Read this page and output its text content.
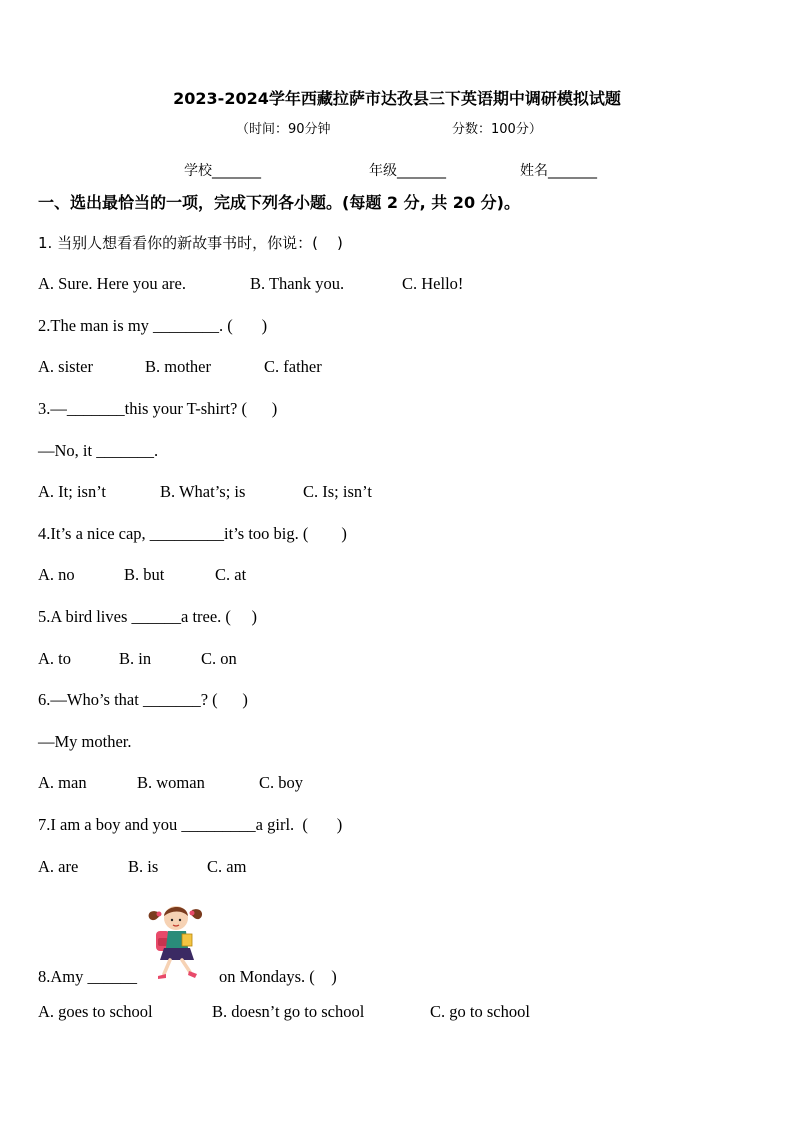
2023-2024学年西藏拉萨市达孜县三下英语期中调研模拟试题
（时间：90分钟	分数：100分）
学校_______	年级_______	姓名_______
一、选出最恰当的一项，完成下列各小题。(每题 2 分, 共 20 分)。
1. 当别人想看看你的新故事书时，你说：(    )
A. Sure. Here you are.	B. Thank you.	C. Hello!
2.The man is my ________. (       )
A. sister	B. mother	C. father
3.—_______this your T-shirt? (      )
—No, it _______.
A. It; isn’t	B. What’s; is	C. Is; isn’t
4.It’s a nice cap, _________it’s too big. (        )
A. no	B. but	C. at
5.A bird lives ______a tree. (     )
A. to	B. in	C. on
6.—Who’s that _______? (      )
—My mother.
A. man	B. woman	C. boy
7.I am a boy and you _________a girl.  (       )
A. are	B. is	C. am
8.Amy ______	on Mondays. (    )
A. goes to school	B. doesn’t go to school	C. go to school
